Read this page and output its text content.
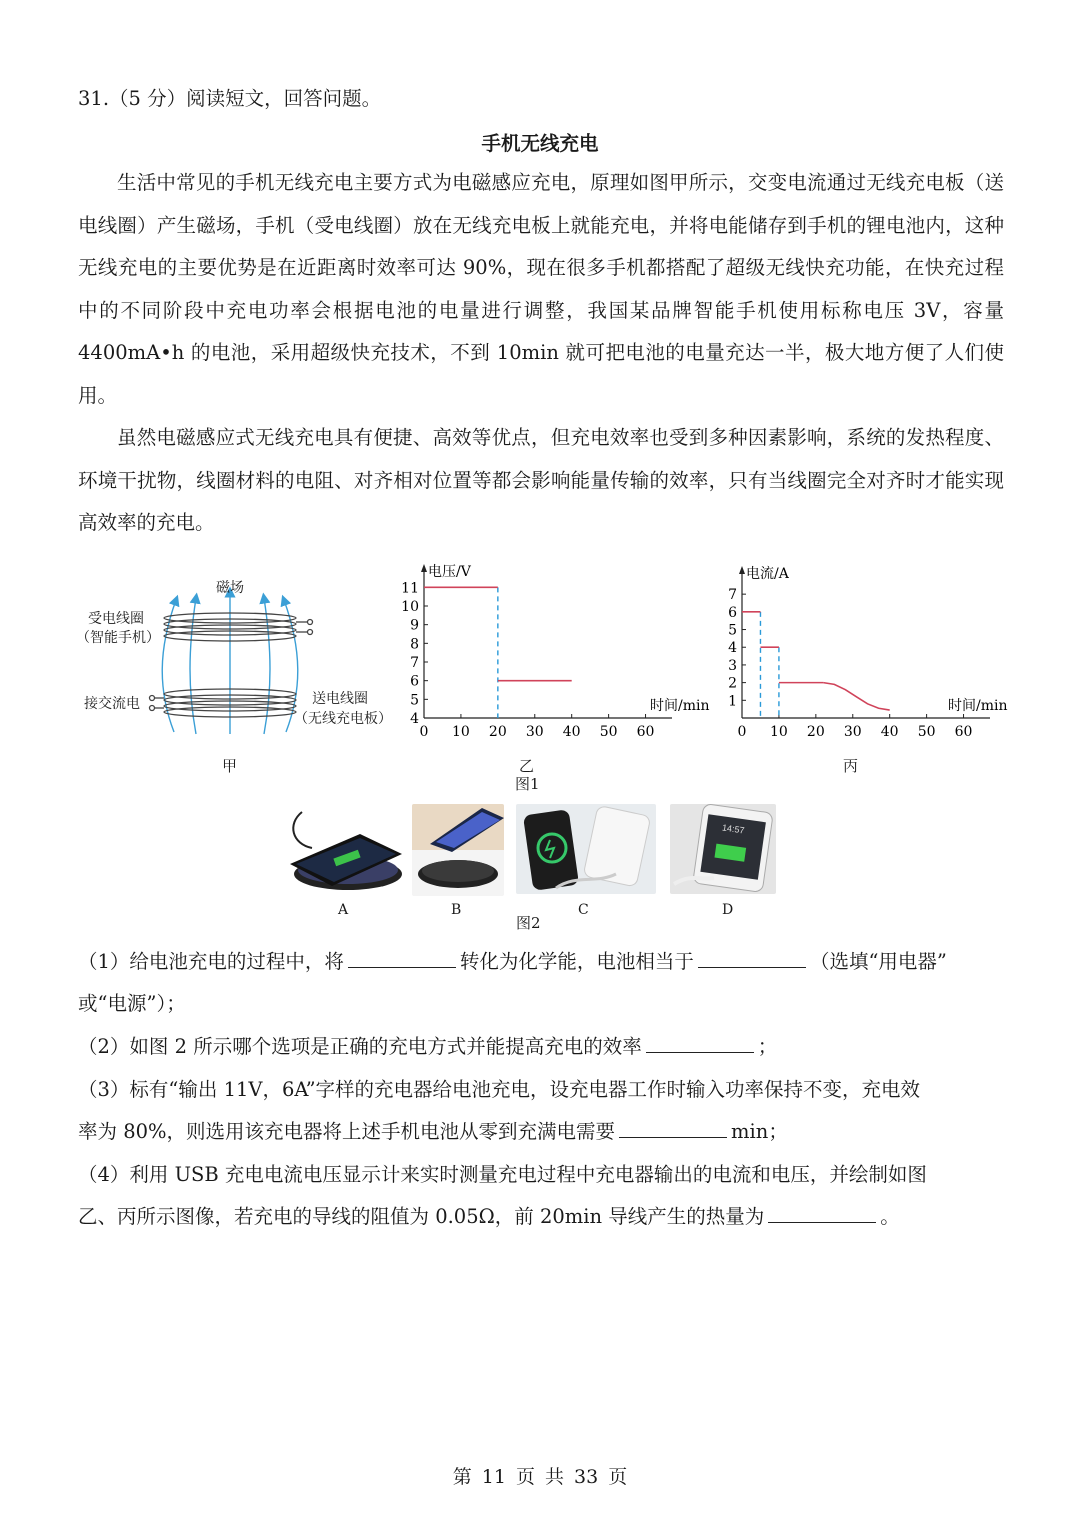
31.（5 分）阅读短文，回答问题。
手机无线充电

生活中常见的手机无线充电主要方式为电磁感应充电，原理如图甲所示，交变电流通过无线充电板（送电线圈）产生磁场，手机（受电线圈）放在无线充电板上就能充电，并将电能储存到手机的锂电池内，这种无线充电的主要优势是在近距离时效率可达 90%，现在很多手机都搭配了超级无线快充功能，在快充过程中的不同阶段中充电功率会根据电池的电量进行调整，我国某品牌智能手机使用标称电压 3V，容量 4400mA•h 的电池，采用超级快充技术，不到 10min 就可把电池的电量充达一半，极大地方便了人们使用。

虽然电磁感应式无线充电具有便捷、高效等优点，但充电效率也受到多种因素影响，系统的发热程度、环境干扰物，线圈材料的电阻、对齐相对位置等都会影响能量传输的效率，只有当线圈完全对齐时才能实现高效率的充电。

磁场
受电线圈
（智能手机）
接交流电	送电线圈
（无线充电板）
甲
0 10 20 30 40 50 60
4
5
6
7
8
9
10
11
电压/V
时间/min
乙
图1
0 10 20 30 40 50 60
1
2
3
4
5
6
7
电流/A
时间/min
丙
14:57
A	B	C	D
图2
（1）给电池充电的过程中，将	转化为化学能，电池相当于	（选填“用电器”
或“电源”）；
（2）如图 2 所示哪个选项是正确的充电方式并能提高充电的效率	；
（3）标有“输出 11V，6A”字样的充电器给电池充电，设充电器工作时输入功率保持不变，充电效
率为 80%，则选用该充电器将上述手机电池从零到充满电需要	min；
（4）利用 USB 充电电流电压显示计来实时测量充电过程中充电器输出的电流和电压，并绘制如图
乙、丙所示图像，若充电的导线的阻值为 0.05Ω，前 20min 导线产生的热量为	。
第 11 页 共 33 页
